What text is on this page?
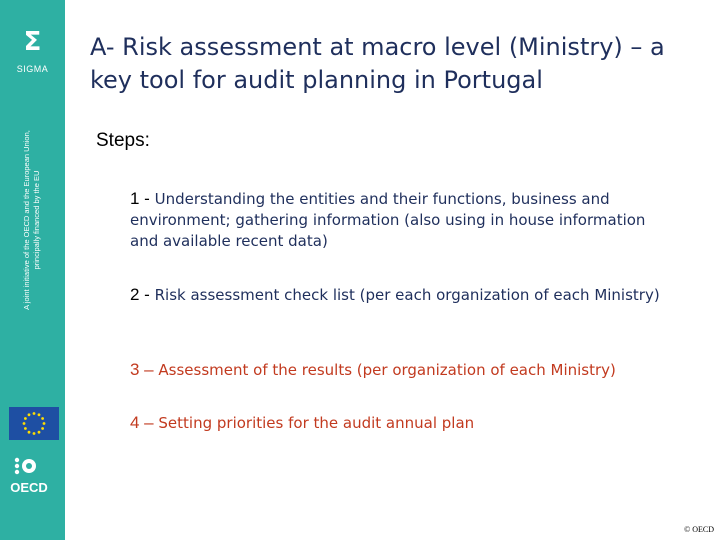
Σ
SIGMA
A joint initiative of the OECD and the European Union, principally financed by the EU
OECD
A- Risk assessment at macro level (Ministry) – a key tool for audit planning in Portugal
Steps:
1 - Understanding the entities and their functions, business and environment; gathering information (also using in house information and available recent data)
2 - Risk assessment check list (per each organization of each Ministry)
3 – Assessment of the results (per organization of each Ministry)
4 – Setting priorities for the audit annual plan
© OECD
